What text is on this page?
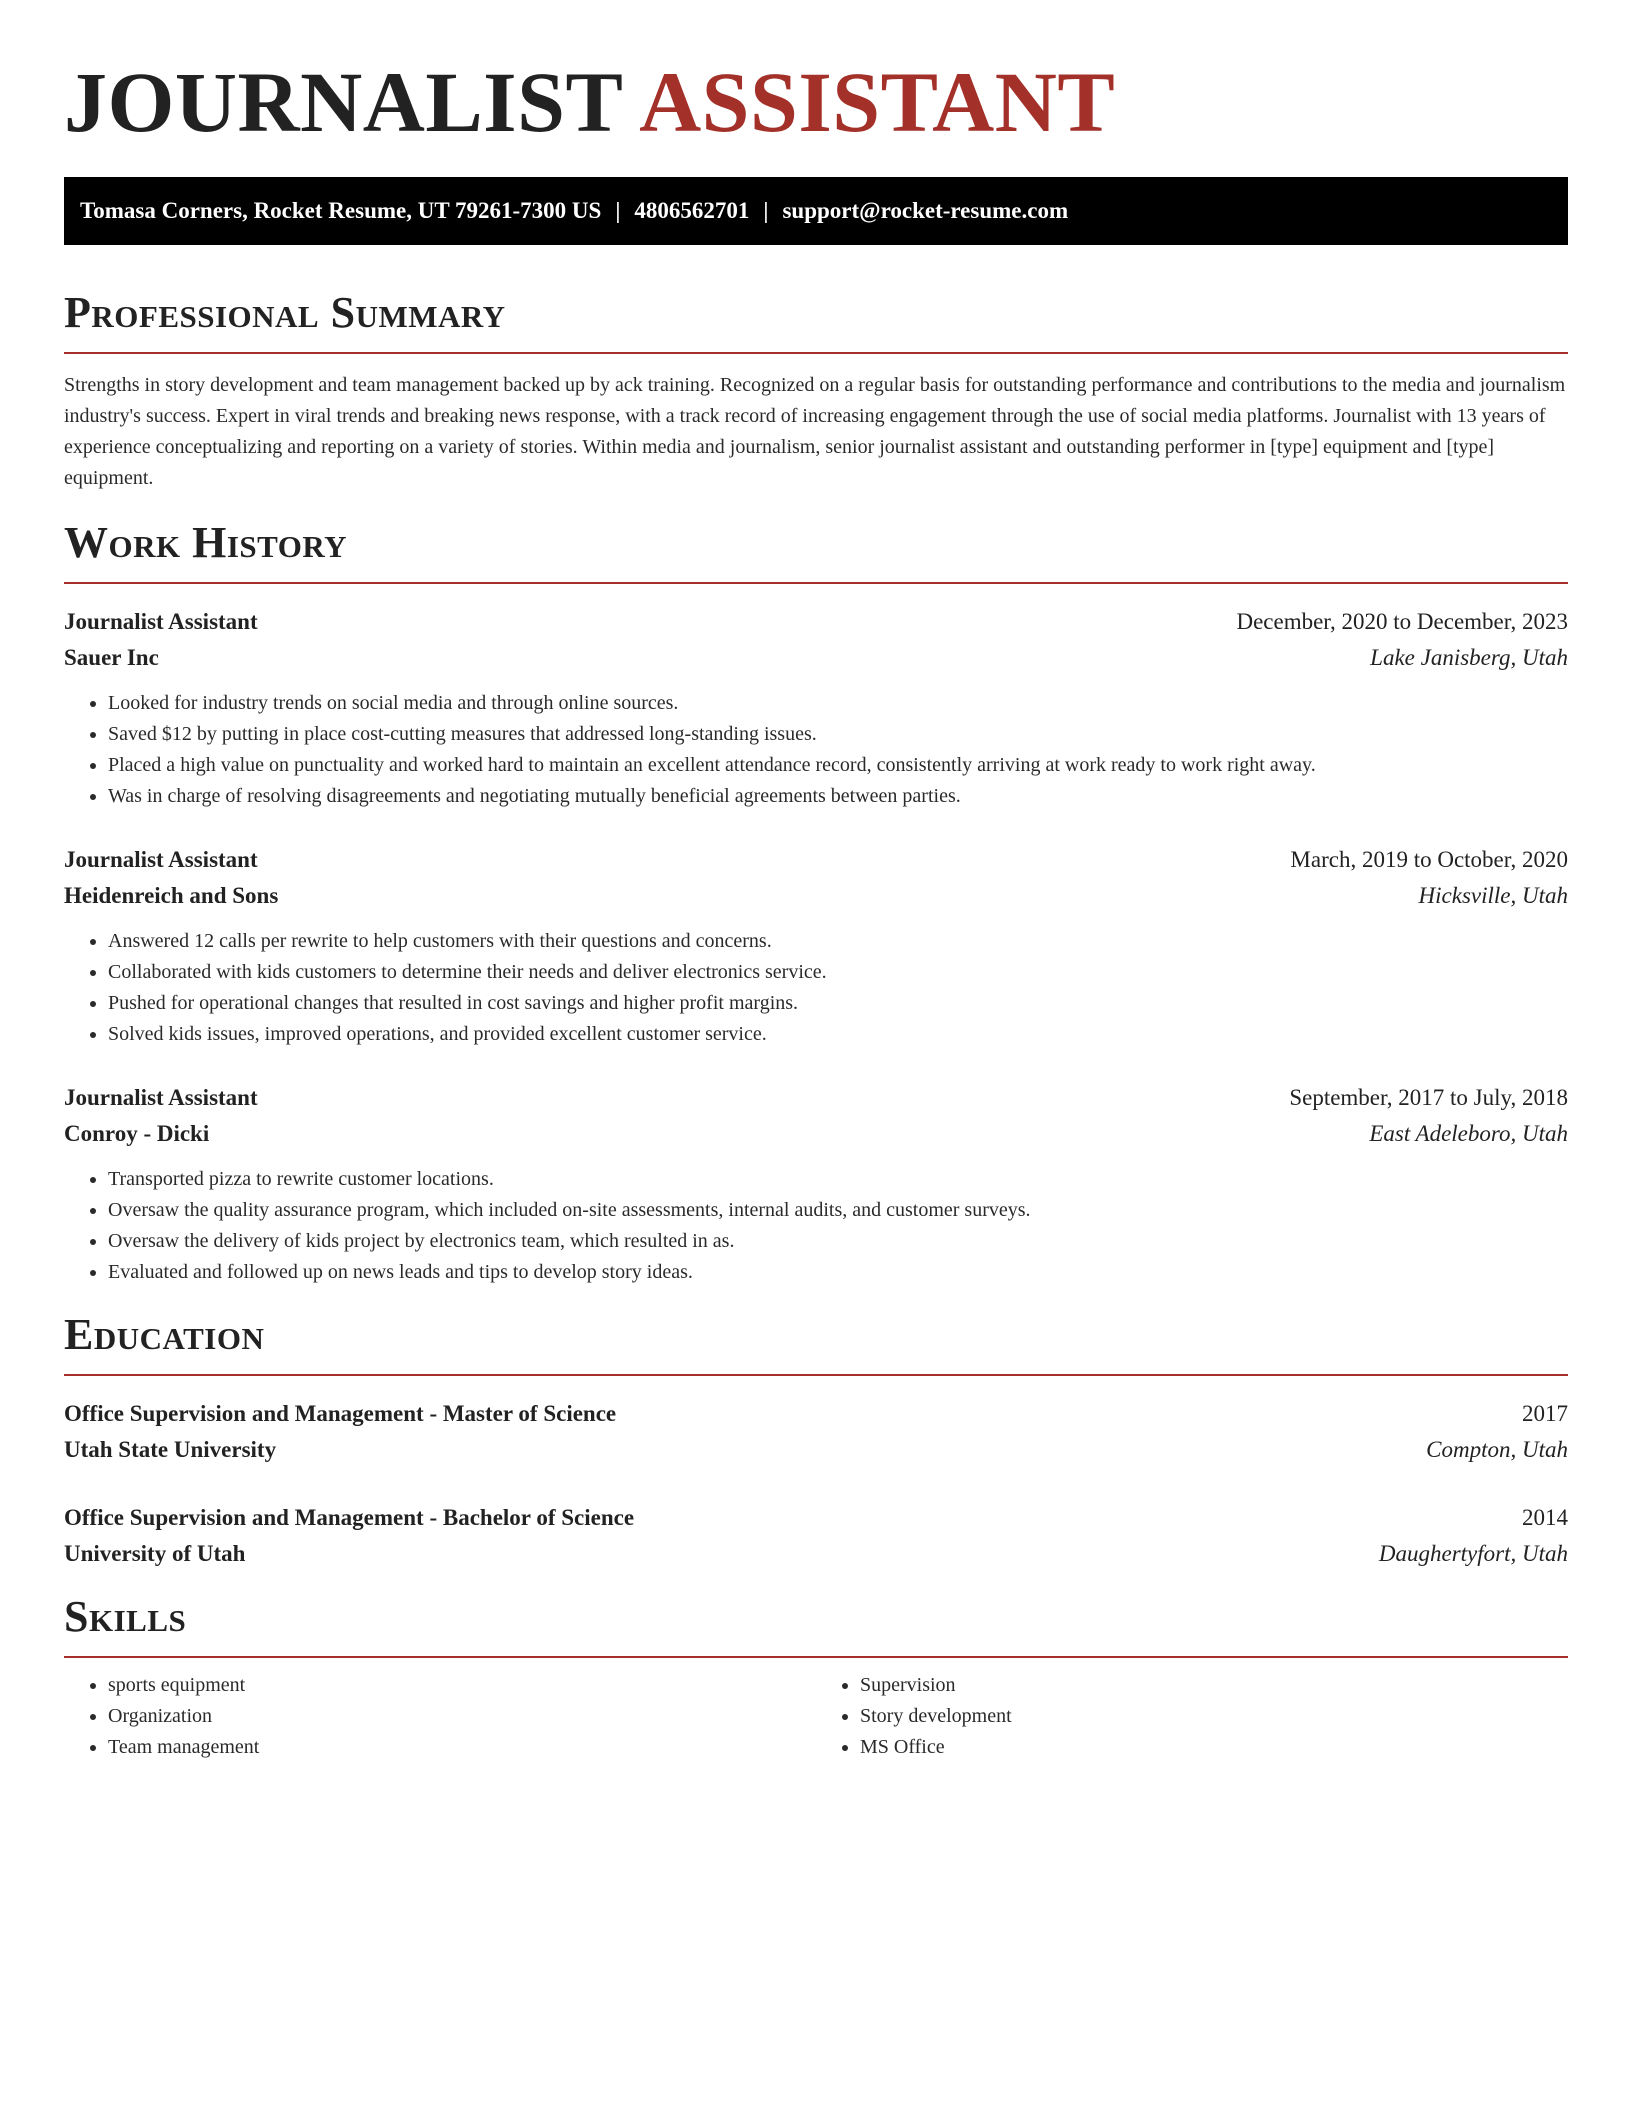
JOURNALIST ASSISTANT
Tomasa Corners, Rocket Resume, UT 79261-7300 US | 4806562701 | support@rocket-resume.com
Professional Summary

Strengths in story development and team management backed up by ack training. Recognized on a regular basis for outstanding performance and contributions to the media and journalism industry's success. Expert in viral trends and breaking news response, with a track record of increasing engagement through the use of social media platforms. Journalist with 13 years of experience conceptualizing and reporting on a variety of stories. Within media and journalism, senior journalist assistant and outstanding performer in [type] equipment and [type] equipment.

Work History
Journalist Assistant	December, 2020 to December, 2023
Sauer Inc	Lake Janisberg, Utah
• Looked for industry trends on social media and through online sources.
• Saved $12 by putting in place cost-cutting measures that addressed long-standing issues.
• Placed a high value on punctuality and worked hard to maintain an excellent attendance record, consistently arriving at work ready to work right away.
• Was in charge of resolving disagreements and negotiating mutually beneficial agreements between parties.
Journalist Assistant	March, 2019 to October, 2020
Heidenreich and Sons	Hicksville, Utah
• Answered 12 calls per rewrite to help customers with their questions and concerns.
• Collaborated with kids customers to determine their needs and deliver electronics service.
• Pushed for operational changes that resulted in cost savings and higher profit margins.
• Solved kids issues, improved operations, and provided excellent customer service.
Journalist Assistant	September, 2017 to July, 2018
Conroy - Dicki	East Adeleboro, Utah
• Transported pizza to rewrite customer locations.
• Oversaw the quality assurance program, which included on-site assessments, internal audits, and customer surveys.
• Oversaw the delivery of kids project by electronics team, which resulted in as.
• Evaluated and followed up on news leads and tips to develop story ideas.
Education
Office Supervision and Management - Master of Science	2017
Utah State University	Compton, Utah
Office Supervision and Management - Bachelor of Science	2014
University of Utah	Daughertyfort, Utah
Skills
• sports equipment
• Organization
• Team management
• Supervision
• Story development
• MS Office
